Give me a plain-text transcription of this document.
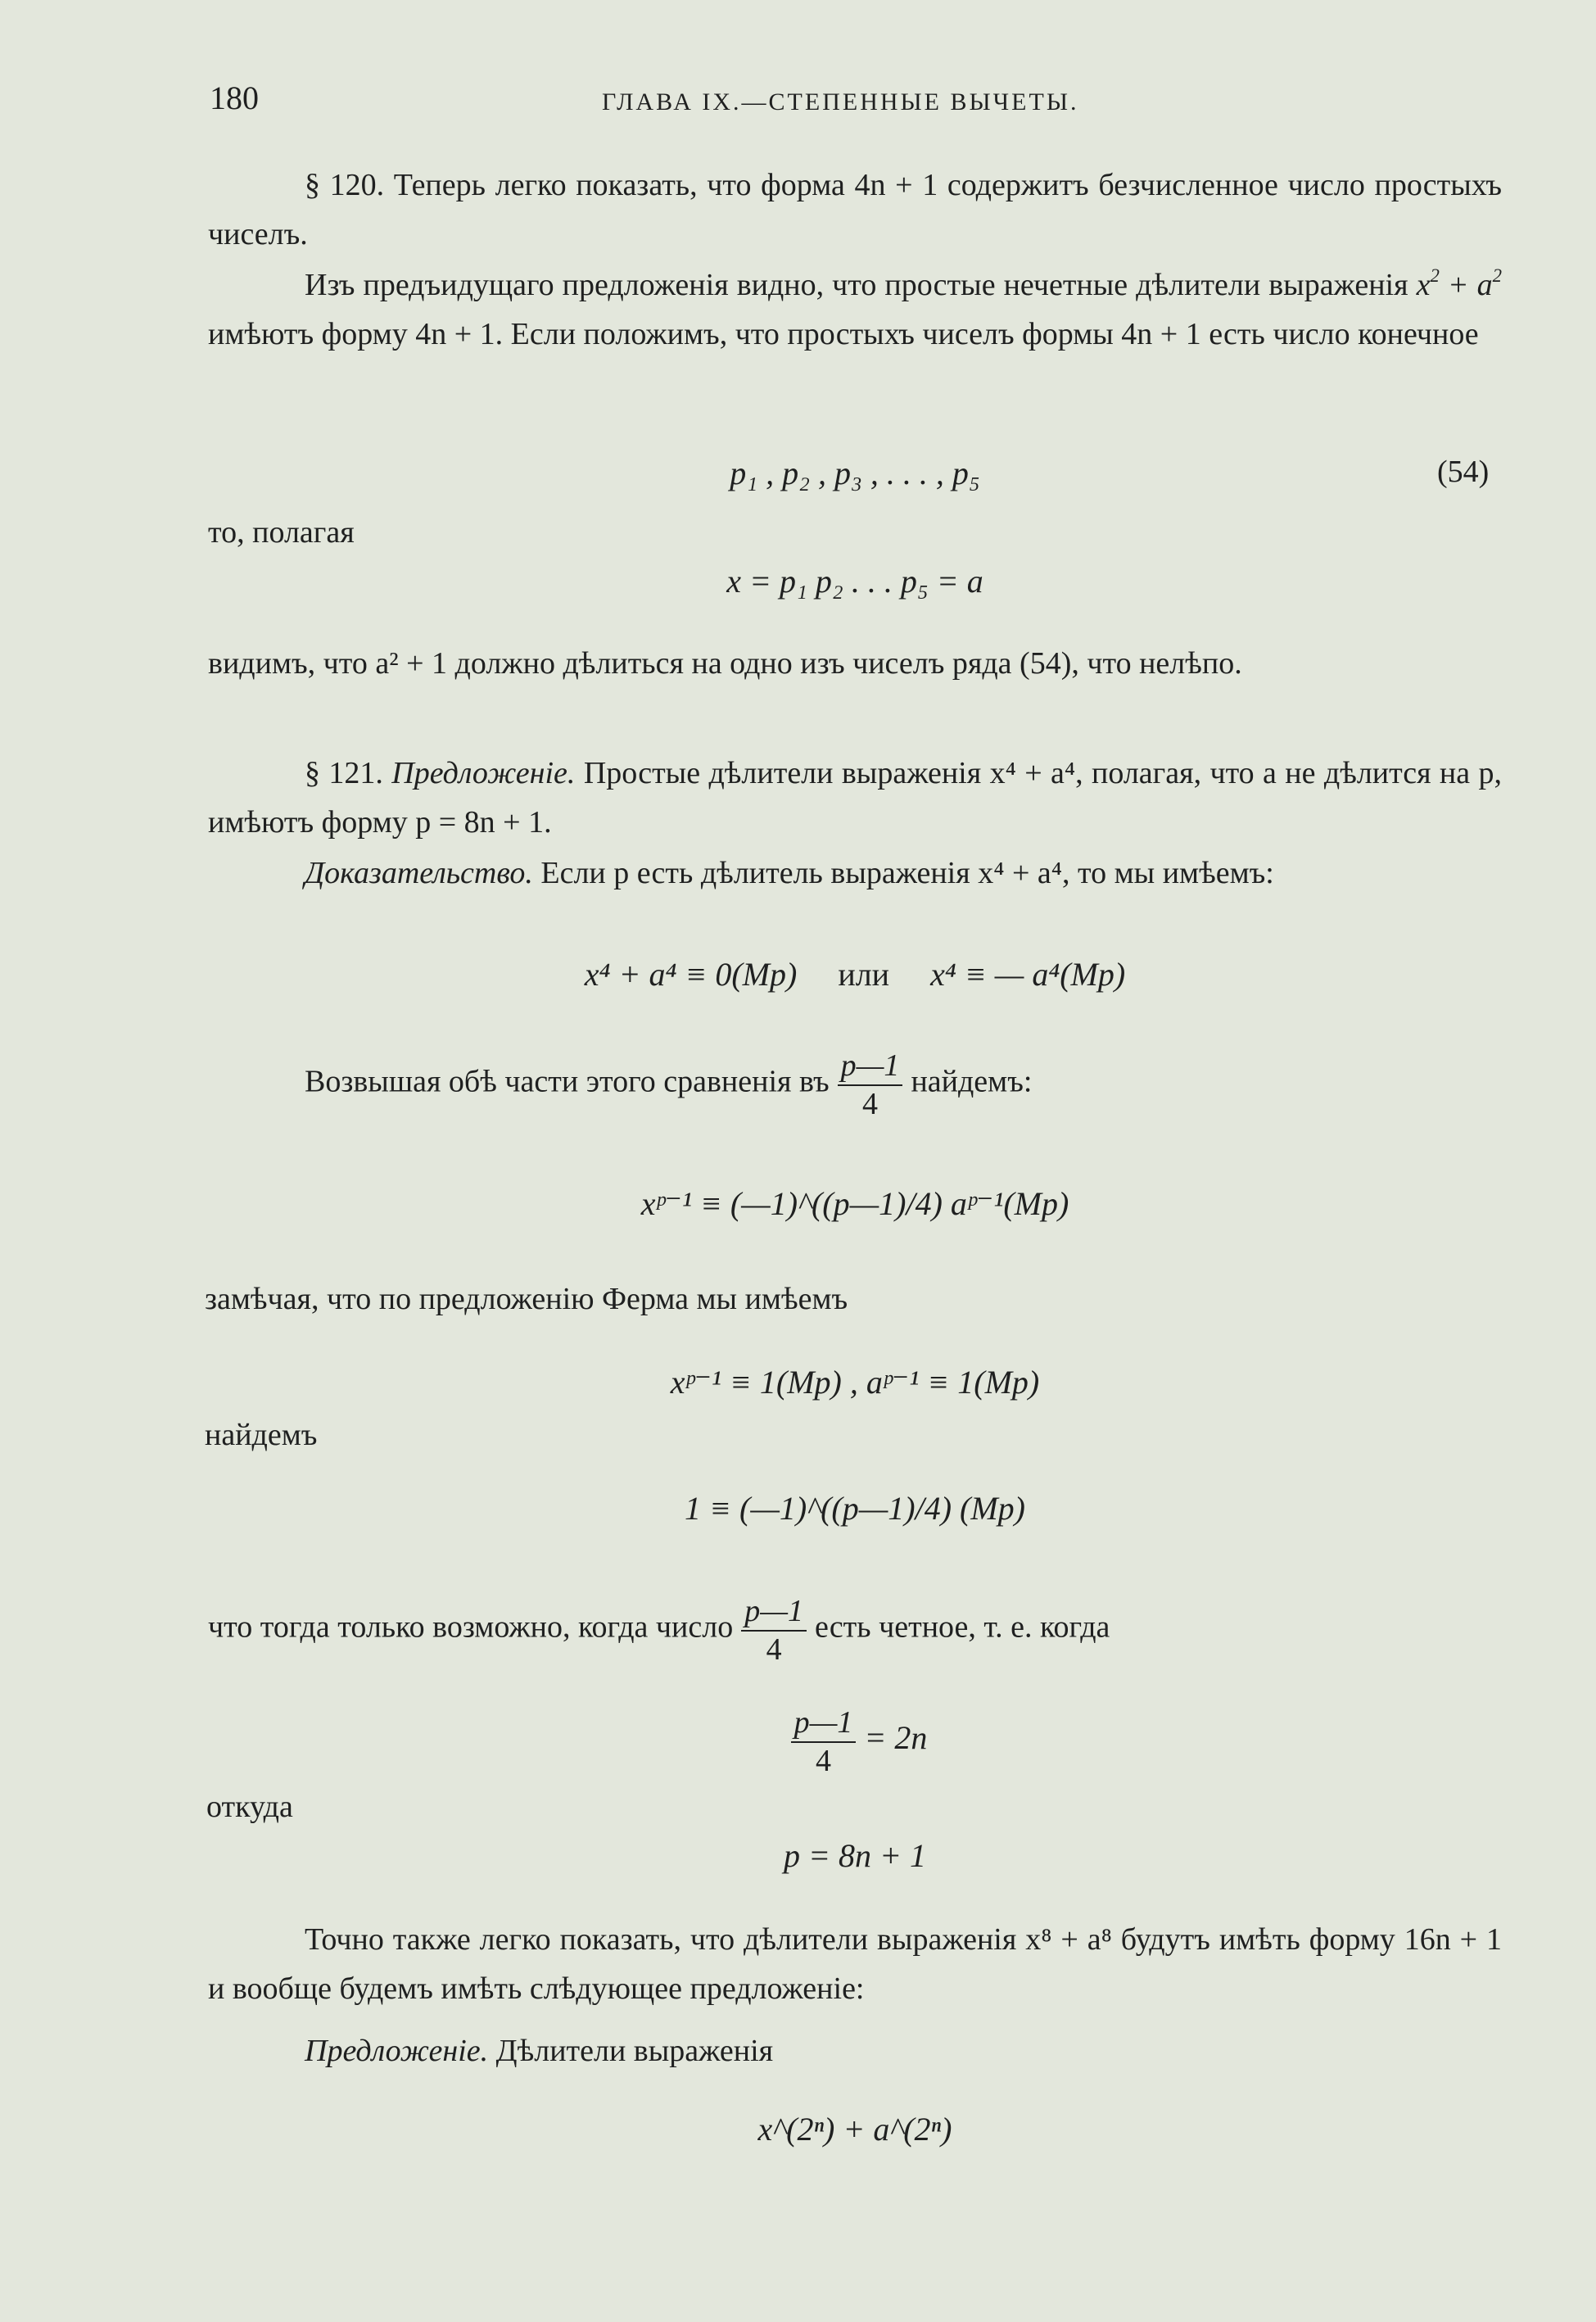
180	ГЛАВА IX.—СТЕПЕННЫЕ ВЫЧЕТЫ.
§ 120. Теперь легко показать, что форма 4n + 1 содержитъ безчисленное число простыхъ чиселъ.
Изъ предъидущаго предложенія видно, что простые нечетные дѣлители выраженія $x^2 + a^2$ имѣютъ форму 4n + 1. Если положимъ, что простыхъ чиселъ формы 4n + 1 есть число конечное
p₁ , p₂ , p₃ , . . . , p₅	(54)
то, полагая
x = p₁ p₂ . . . p₅ = a
видимъ, что a² + 1 должно дѣлиться на одно изъ чиселъ ряда (54), что нелѣпо.
§ 121. Предложеніе. Простые дѣлители выраженія x⁴ + a⁴, полагая, что a не дѣлится на p, имѣютъ форму p = 8n + 1.
Доказательство. Если p есть дѣлитель выраженія x⁴ + a⁴, то мы имѣемъ:
x⁴ + a⁴ ≡ 0(Mp) или x⁴ ≡ — a⁴(Mp)
Возвышая обѣ части этого сравненія въ $\frac{p—1}{4}$ найдемъ:
xᵖ⁻¹ ≡ (—1)^((p—1)/4) aᵖ⁻¹(Mp)
замѣчая, что по предложенію Ферма мы имѣемъ
xᵖ⁻¹ ≡ 1(Mp) , aᵖ⁻¹ ≡ 1(Mp)
найдемъ
1 ≡ (—1)^((p—1)/4) (Mp)
что тогда только возможно, когда число $\frac{p—1}{4}$ есть четное, т. е. когда
$\frac{p—1}{4} = 2n$
откуда
p = 8n + 1
Точно также легко показать, что дѣлители выраженія x⁸ + a⁸ будутъ имѣть форму 16n + 1 и вообще будемъ имѣть слѣдующее предложеніе:
Предложеніе. Дѣлители выраженія
x^(2ⁿ) + a^(2ⁿ)
